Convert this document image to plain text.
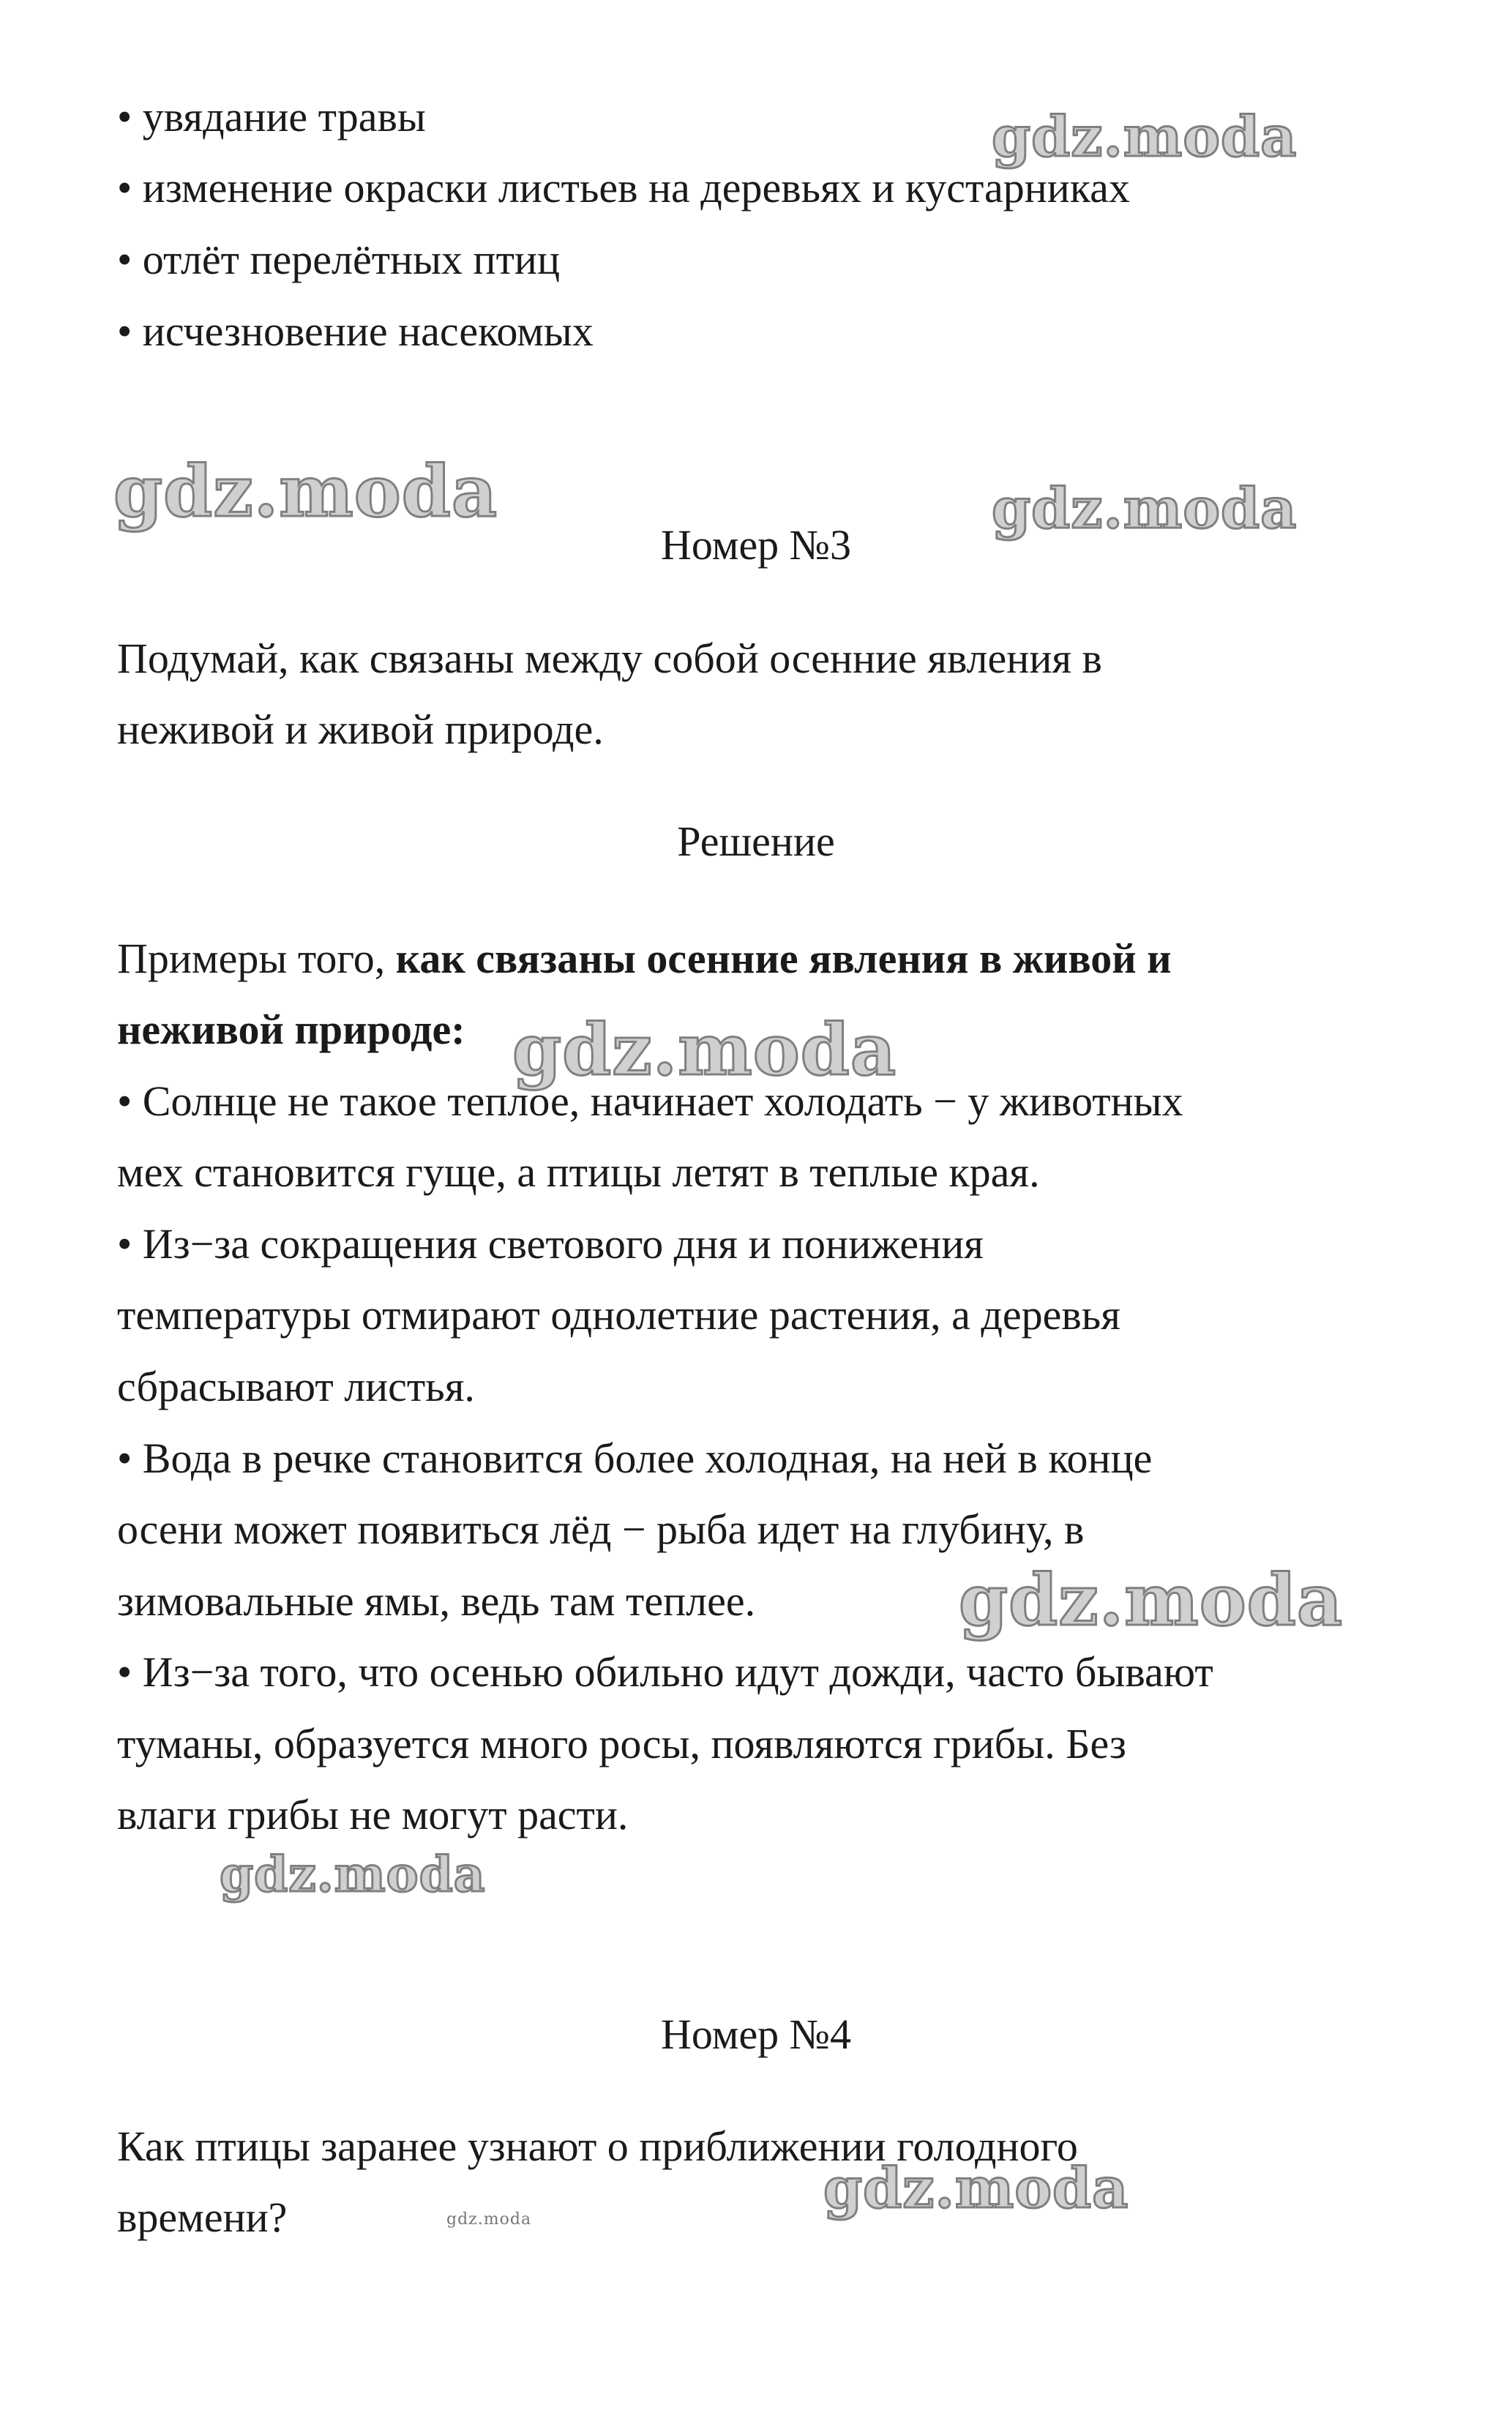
• увядание травы
• изменение окраски листьев на деревьях и кустарниках
• отлёт перелётных птиц
• исчезновение насекомых
Номер №3
Подумай, как связаны между собой осенние явления в
неживой и живой природе.
Решение
Примеры того, как связаны осенние явления в живой и
неживой природе:
• Солнце не такое теплое, начинает холодать − у животных
мех становится гуще, а птицы летят в теплые края.
• Из−за сокращения светового дня и понижения
температуры отмирают однолетние растения, а деревья
сбрасывают листья.
• Вода в речке становится более холодная, на ней в конце
осени может появиться лёд − рыба идет на глубину, в
зимовальные ямы, ведь там теплее.
• Из−за того, что осенью обильно идут дожди, часто бывают
туманы, образуется много росы, появляются грибы. Без
влаги грибы не могут расти.
Номер №4
Как птицы заранее узнают о приближении голодного
времени?
gdz.moda
gdz.moda	gdz.moda
gdz.moda
gdz.moda
gdz.moda
gdz.moda
gdz.moda
